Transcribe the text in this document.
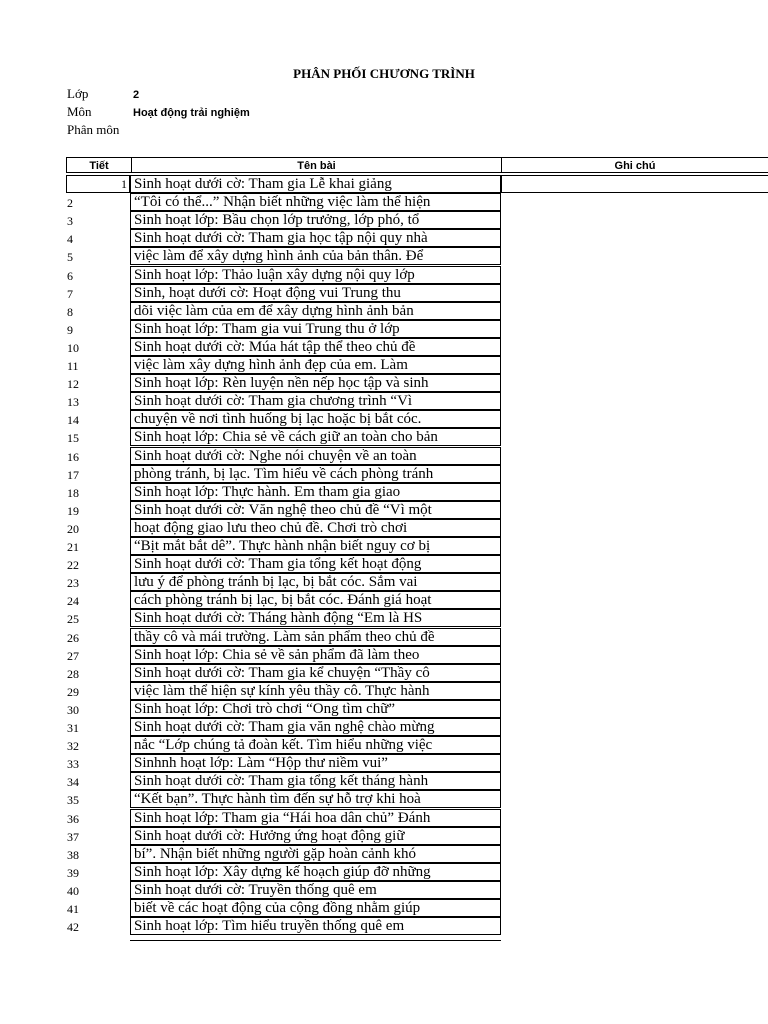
PHÂN PHỐI CHƯƠNG TRÌNH
Lớp	2
Môn	Hoạt động trải nghiệm
Phân môn
Tiết	Tên bài	Ghi chú
1 Sinh hoạt dưới cờ: Tham gia Lễ khai giảng
2	“Tôi có thể...” Nhận biết những việc làm thể hiện
3	Sinh hoạt lớp: Bầu chọn lớp trưởng, lớp phó, tổ
4	Sinh hoạt dưới cờ: Tham gia học tập nội quy nhà
5	việc làm để xây dựng hình ảnh của bản thân. Để
6	Sinh hoạt lớp: Thảo luận xây dựng nội quy lớp
7	Sinh, hoạt dưới cờ: Hoạt động vui Trung thu
8	dõi việc làm của em để xây dựng hình ảnh bản
9	Sinh hoạt lớp: Tham gia vui Trung thu ở lớp
10	Sinh hoạt dưới cờ: Múa hát tập thể theo chủ đề
11	việc làm xây dựng hình ảnh đẹp của em. Làm
12	Sinh hoạt lớp: Rèn luyện nền nếp học tập và sinh
13	Sinh hoạt dưới cờ: Tham gia chương trình “Vì
14	chuyện về nơi tình huống bị lạc hoặc bị bắt cóc.
15	Sinh hoạt lớp: Chia sẻ về cách giữ an toàn cho bản
16	Sinh hoạt dưới cờ: Nghe nói chuyện về an toàn
17	phòng tránh, bị lạc. Tìm hiểu về cách phòng tránh
18	Sinh hoạt lớp: Thực hành. Em tham gia giao
19	Sinh hoạt dưới cờ: Văn nghệ theo chủ đề “Vì một
20	hoạt động giao lưu theo chủ đề. Chơi trò chơi
21	“Bịt mắt bắt dê”. Thực hành nhận biết nguy cơ bị
22	Sinh hoạt dưới cờ: Tham gia tổng kết hoạt động
23	lưu ý để phòng tránh bị lạc, bị bắt cóc. Sắm vai
24	cách phòng tránh bị lạc, bị bắt cóc. Đánh giá hoạt
25	Sinh hoạt dưới cờ: Tháng hành động “Em là HS
26	thầy cô và mái trường. Làm sản phẩm theo chủ đề
27	Sinh hoạt lớp: Chia sẻ về sản phẩm đã làm theo
28	Sinh hoạt dưới cờ: Tham gia kể chuyện “Thầy cô
29	việc làm thể hiện sự kính yêu thầy cô. Thực hành
30	Sinh hoạt lớp: Chơi trò chơi “Ong tìm chữ”
31	Sinh hoạt dưới cờ: Tham gia văn nghệ chào mừng
32	nắc “Lớp chúng tả đoàn kết. Tìm hiểu những việc
33	Sinhnh hoạt lớp: Làm “Hộp thư niềm vui”
34	Sinh hoạt dưới cờ: Tham gia tổng kết tháng hành
35	“Kết bạn”. Thực hành tìm đến sự hỗ trợ khi hoà
36	Sinh hoạt lớp: Tham gia “Hái hoa dân chủ” Đánh
37	Sinh hoạt dưới cờ: Hưởng ứng hoạt động giữ
38	bí”. Nhận biết những người gặp hoàn cảnh khó
39	Sinh hoạt lớp: Xây dựng kế hoạch giúp đỡ những
40	Sinh hoạt dưới cờ: Truyền thống quê em
41	biết về các hoạt động của cộng đồng nhằm giúp
42	Sinh hoạt lớp: Tìm hiểu truyền thống quê em
